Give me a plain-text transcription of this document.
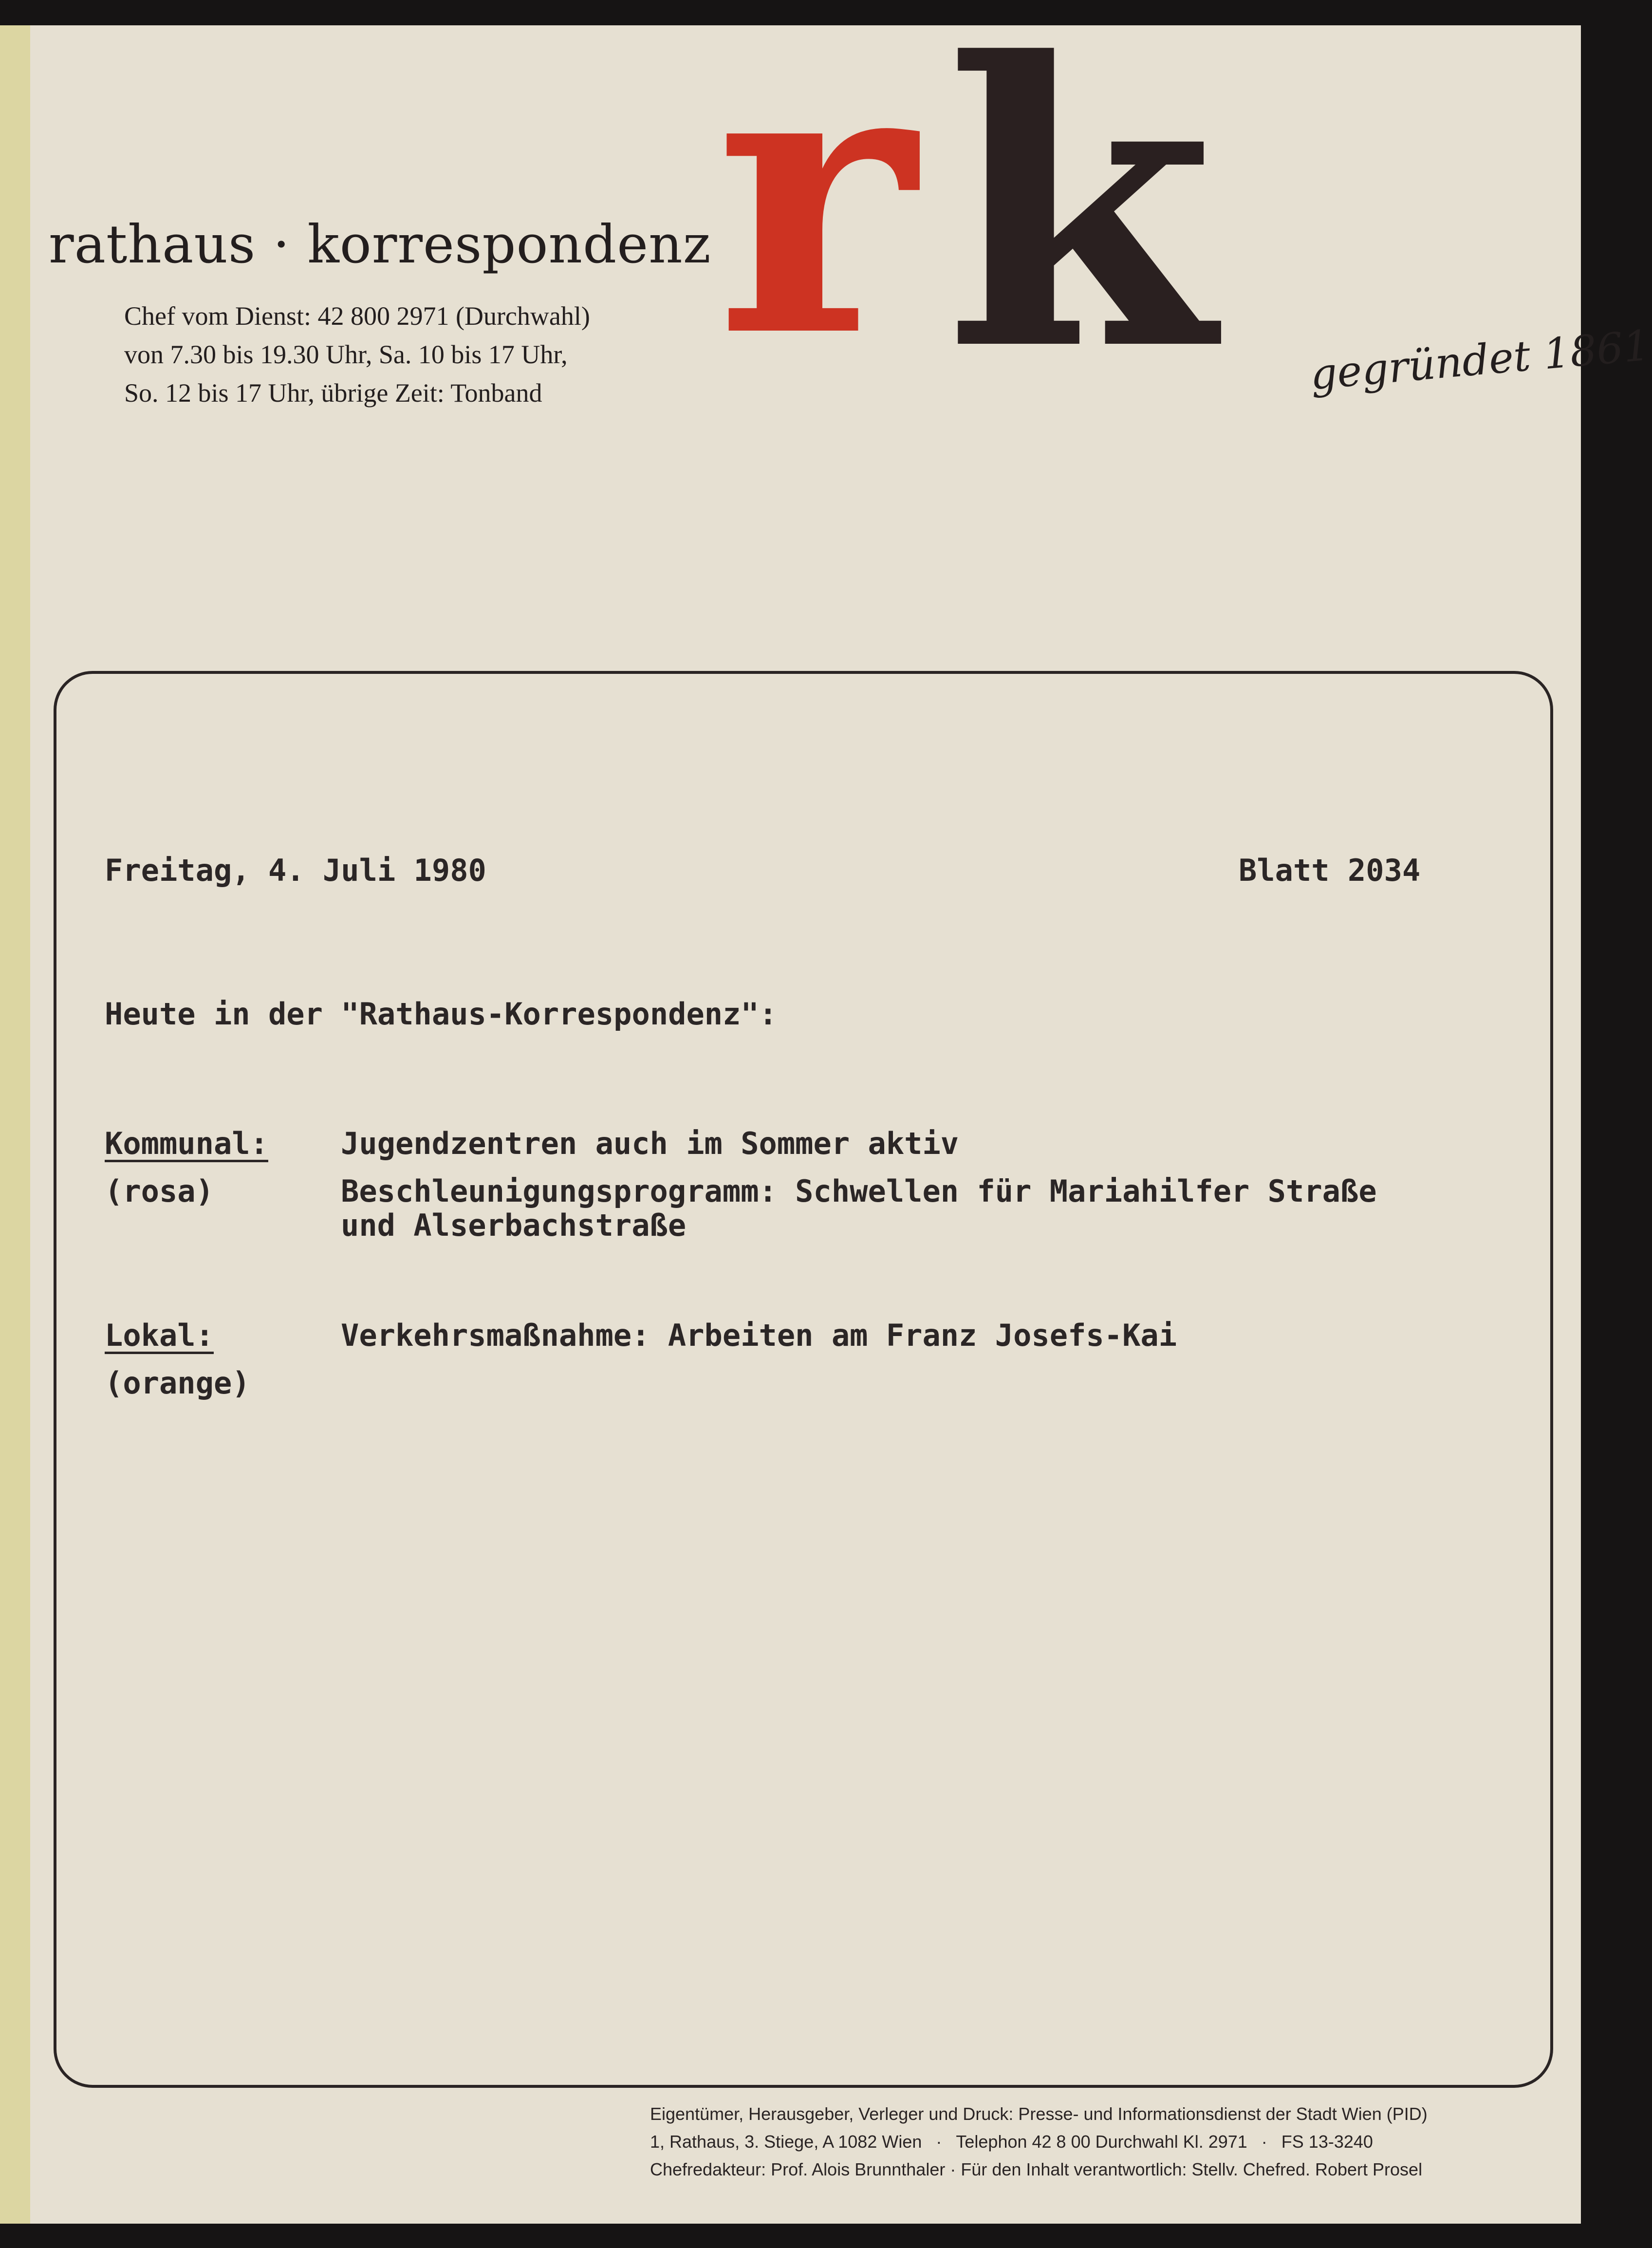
rathaus · korrespondenz
Chef vom Dienst: 42 800 2971 (Durchwahl)
von 7.30 bis 19.30 Uhr, Sa. 10 bis 17 Uhr,
So. 12 bis 17 Uhr, übrige Zeit: Tonband r k gegründet 1861
Freitag, 4. Juli 1980	Blatt 2034
Heute in der "Rathaus-Korrespondenz":
Kommunal:
(rosa)
Jugendzentren auch im Sommer aktiv
Beschleunigungsprogramm: Schwellen für Mariahilfer Straße
und Alserbachstraße
Lokal:
(orange)
Verkehrsmaßnahme: Arbeiten am Franz Josefs-Kai
Eigentümer, Herausgeber, Verleger und Druck: Presse- und Informationsdienst der Stadt Wien (PID)
1, Rathaus, 3. Stiege, A 1082 Wien · Telephon 42 8 00 Durchwahl Kl. 2971 · FS 13-3240
Chefredakteur: Prof. Alois Brunnthaler · Für den Inhalt verantwortlich: Stellv. Chefred. Robert Prosel
